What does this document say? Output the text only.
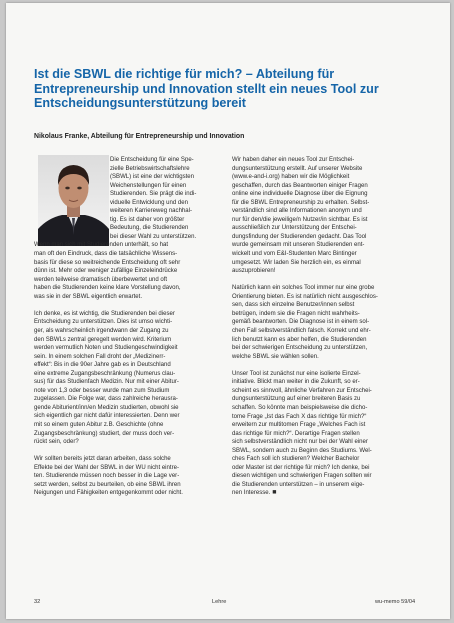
Ist die SBWL die richtige für mich? – Abteilung für Entrepreneurship und Innovation stellt ein neues Tool zur Entscheidungsunterstützung bereit

Nikolaus Franke, Abteilung für Entrepreneurship und Innovation

Die Entscheidung für eine Spe-
zielle Betriebswirtschaftslehre
(SBWL) ist eine der wichtigsten
Weichenstellungen für einen
Studierenden. Sie prägt die indi-
viduelle Entwicklung und den
weiteren Karriereweg nachhal-
tig. Es ist daher von größter
Bedeutung, die Studierenden
bei dieser Wahl zu unterstützen.
Wenn man sich mit Studierenden unterhält, so hat
man oft den Eindruck, dass die tatsächliche Wissens-
basis für diese so weitreichende Entscheidung oft sehr
dünn ist. Mehr oder weniger zufällige Einzeleindrücke
werden teilweise dramatisch überbewertet und oft
haben die Studierenden keine klare Vorstellung davon,
was sie in der SBWL eigentlich erwartet.

Ich denke, es ist wichtig, die Studierenden bei dieser
Entscheidung zu unterstützen. Dies ist umso wichti-
ger, als wahrscheinlich irgendwann der Zugang zu
den SBWLs zentral geregelt werden wird. Kriterium
werden vermutlich Noten und Studiengeschwindigkeit
sein. In einem solchen Fall droht der „Medizinerr-
effekt“: Bis in die 90er Jahre gab es in Deutschland
eine extreme Zugangsbeschränkung (Numerus clau-
sus) für das Studienfach Medizin. Nur mit einer Abitur-
note von 1,3 oder besser wurde man zum Studium
zugelassen. Die Folge war, dass zahlreiche herausra-
gende Abiturient/inn/en Medizin studierten, obwohl sie
sich eigentlich gar nicht dafür interessierten. Denn wer
mit so einem guten Abitur z.B. Geschichte (ohne
Zugangsbeschränkung) studiert, der muss doch ver-
rückt sein, oder?

Wir sollten bereits jetzt daran arbeiten, dass solche
Effekte bei der Wahl der SBWL in der WU nicht eintre-
ten. Studierende müssen noch besser in die Lage ver-
setzt werden, selbst zu beurteilen, ob eine SBWL ihren
Neigungen und Fähigkeiten entgegenkommt oder nicht.

Wir haben daher ein neues Tool zur Entschei-
dungsunterstützung erstellt. Auf unserer Website
(www.e-and-i.org) haben wir die Möglichkeit
geschaffen, durch das Beantworten einiger Fragen
online eine individuelle Diagnose über die Eignung
für die SBWL Entrepreneurship zu erhalten. Selbst-
verständlich sind alle Informationen anonym und
nur für den/die jeweilige/n Nutzer/in sichtbar. Es ist
ausschließlich zur Unterstützung der Entschei-
dungsfindung der Studierenden gedacht. Das Tool
wurde gemeinsam mit unseren Studierenden ent-
wickelt und vom E&I-Studenten Marc Bintinger
umgesetzt. Wir laden Sie herzlich ein, es einmal
auszuprobieren!

Natürlich kann ein solches Tool immer nur eine grobe
Orientierung bieten. Es ist natürlich nicht ausgeschlos-
sen, dass sich einzelne Benutzer/innen selbst
betrügen, indem sie die Fragen nicht wahrheits-
gemäß beantworten. Die Diagnose ist in einem sol-
chen Fall selbstverständlich falsch. Korrekt und ehr-
lich benutzt kann es aber helfen, die Studierenden
bei der schwierigen Entscheidung zu unterstützen,
welche SBWL sie wählen sollen.

Unser Tool ist zunächst nur eine isolierte Einzel-
initiative. Blickt man weiter in die Zukunft, so er-
scheint es sinnvoll, ähnliche Verfahren zur Entschei-
dungsunterstützung auf einer breiteren Basis zu
schaffen. So könnte man beispielsweise die dicho-
tome Frage „Ist das Fach X das richtige für mich?“
erweitern zur multitomen Frage „Welches Fach ist
das richtige für mich?“. Derartige Fragen stellen
sich selbstverständlich nicht nur bei der Wahl einer
SBWL, sondern auch zu Beginn des Studiums. Wel-
ches Fach soll ich studieren? Welcher Bachelor
oder Master ist der richtige für mich? Ich denke, bei
diesen wichtigen und schwierigen Fragen sollten wir
die Studierenden unterstützen – in unserem eige-
nen Interesse. ■

32	Lehre	wu-memo 59/04
